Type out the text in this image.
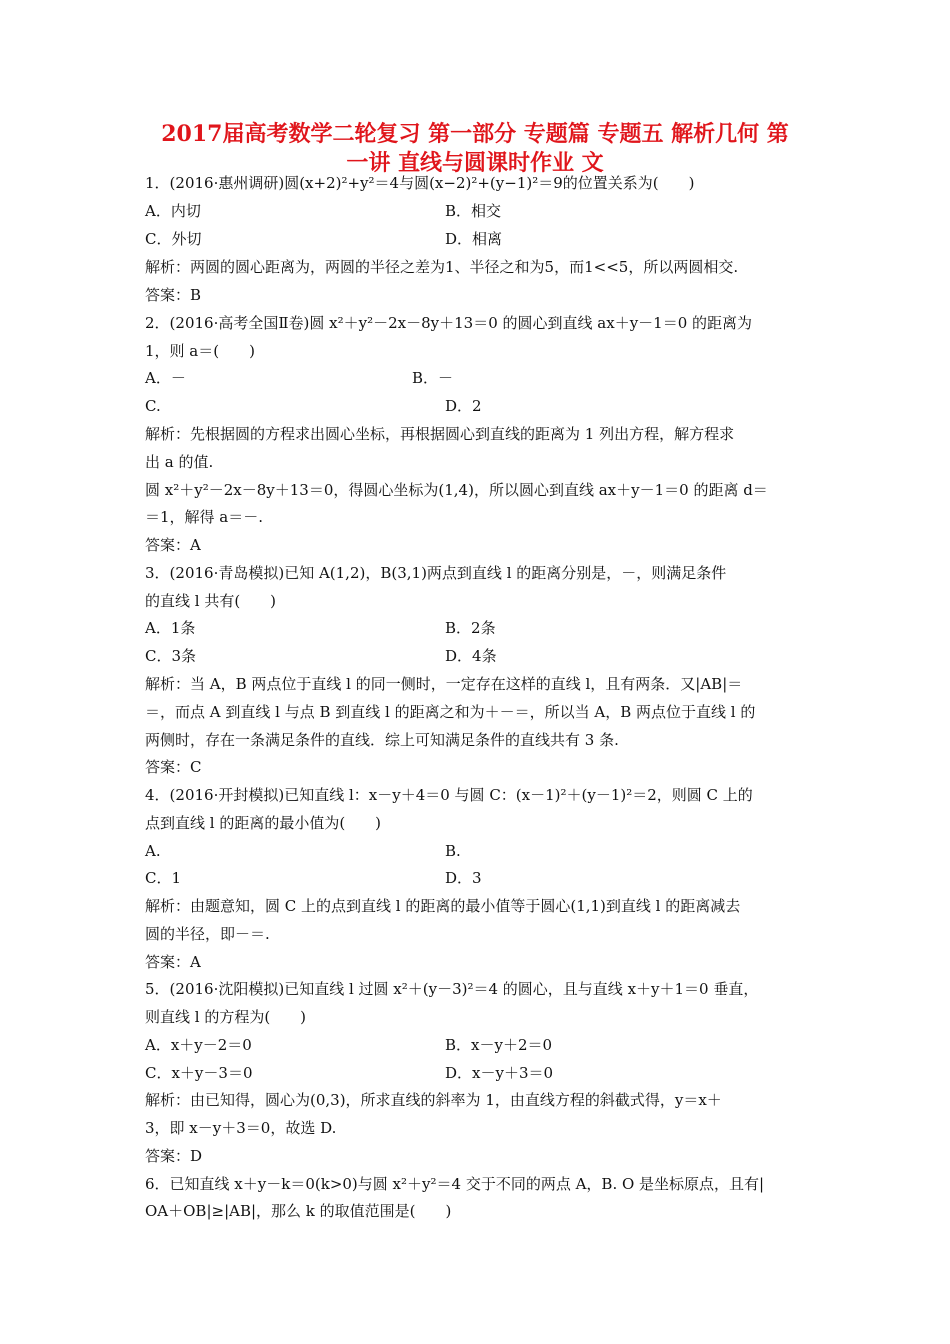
2017届高考数学二轮复习 第一部分 专题篇 专题五 解析几何 第
一讲 直线与圆课时作业 文
1．(2016·惠州调研)圆(x+2)²+y²＝4与圆(x−2)²+(y−1)²＝9的位置关系为(　　)
A．内切	B．相交
C．外切	D．相离
解析：两圆的圆心距离为，两圆的半径之差为1、半径之和为5，而1<<5，所以两圆相交.
答案：B
2．(2016·高考全国Ⅱ卷)圆 x²＋y²－2x－8y＋13＝0 的圆心到直线 ax＋y－1＝0 的距离为
1，则 a＝(　　)
A．－	B．－
C.	D．2
解析：先根据圆的方程求出圆心坐标，再根据圆心到直线的距离为 1 列出方程，解方程求
出 a 的值.
圆 x²＋y²－2x－8y＋13＝0，得圆心坐标为(1,4)，所以圆心到直线 ax＋y－1＝0 的距离 d＝
＝1，解得 a＝－.
答案：A
3．(2016·青岛模拟)已知 A(1,2)，B(3,1)两点到直线 l 的距离分别是，－，则满足条件
的直线 l 共有(　　)
A．1条	B．2条
C．3条	D．4条
解析：当 A，B 两点位于直线 l 的同一侧时，一定存在这样的直线 l，且有两条．又|AB|＝
＝，而点 A 到直线 l 与点 B 到直线 l 的距离之和为＋－＝，所以当 A，B 两点位于直线 l 的
两侧时，存在一条满足条件的直线．综上可知满足条件的直线共有 3 条.
答案：C
4．(2016·开封模拟)已知直线 l：x－y＋4＝0 与圆 C：(x－1)²＋(y－1)²＝2，则圆 C 上的
点到直线 l 的距离的最小值为(　　)
A.	B.
C．1	D．3
解析：由题意知，圆 C 上的点到直线 l 的距离的最小值等于圆心(1,1)到直线 l 的距离减去
圆的半径，即－＝.
答案：A
5．(2016·沈阳模拟)已知直线 l 过圆 x²＋(y－3)²＝4 的圆心，且与直线 x＋y＋1＝0 垂直，
则直线 l 的方程为(　　)
A．x＋y－2＝0	B．x－y＋2＝0
C．x＋y－3＝0	D．x－y＋3＝0
解析：由已知得，圆心为(0,3)，所求直线的斜率为 1，由直线方程的斜截式得，y＝x＋
3，即 x－y＋3＝0，故选 D.
答案：D
6．已知直线 x＋y－k＝0(k>0)与圆 x²＋y²＝4 交于不同的两点 A，B. O 是坐标原点，且有|
OA＋OB|≥|AB|，那么 k 的取值范围是(　　)
